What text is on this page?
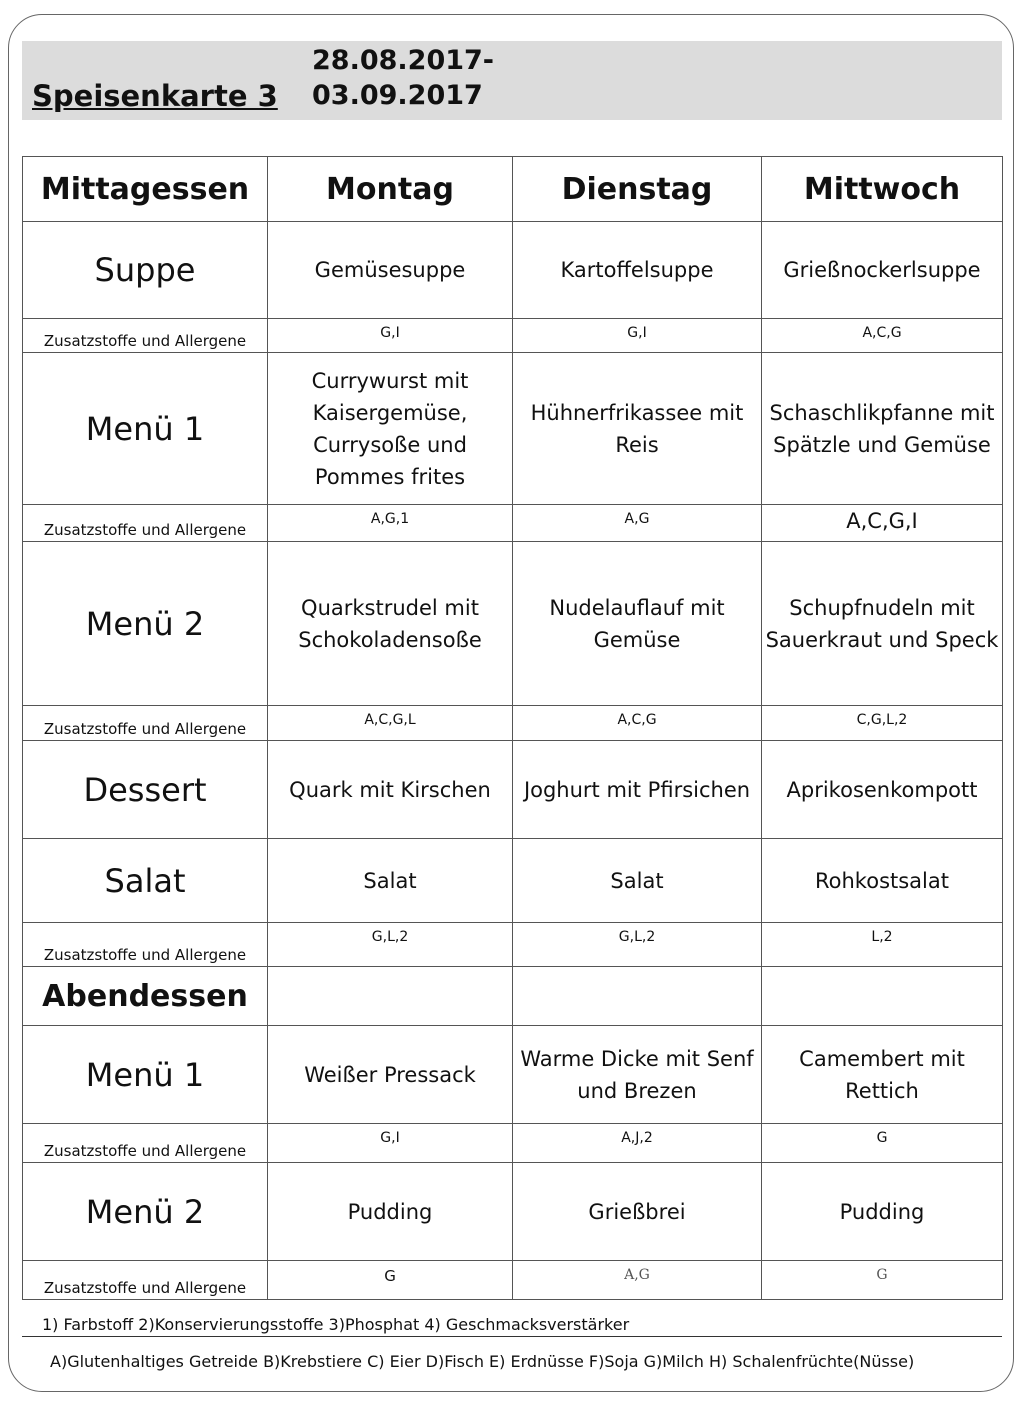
Speisenkarte 3
28.08.2017-
03.09.2017
Mittagessen	Montag	Dienstag	Mittwoch
Suppe	Gemüsesuppe	Kartoffelsuppe	Grießnockerlsuppe
Zusatzstoffe und Allergene	G,I	G,I	A,C,G
Menü 1	Currywurst mit Kaisergemüse, Currysoße und Pommes frites	Hühnerfrikassee mit Reis	Schaschlikpfanne mit Spätzle und Gemüse
Zusatzstoffe und Allergene	A,G,1	A,G	A,C,G,I
Menü 2	Quarkstrudel mit Schokoladensoße	Nudelauflauf mit Gemüse	Schupfnudeln mit Sauerkraut und Speck
Zusatzstoffe und Allergene	A,C,G,L	A,C,G	C,G,L,2
Dessert	Quark mit Kirschen	Joghurt mit Pfirsichen	Aprikosenkompott
Salat	Salat	Salat	Rohkostsalat
Zusatzstoffe und Allergene	G,L,2	G,L,2	L,2
Abendessen			
Menü 1	Weißer Pressack	Warme Dicke mit Senf und Brezen	Camembert mit Rettich
Zusatzstoffe und Allergene	G,I	A,J,2	G
Menü 2	Pudding	Grießbrei	Pudding
Zusatzstoffe und Allergene	G	A,G	G
1) Farbstoff 2)Konservierungsstoffe 3)Phosphat 4) Geschmacksverstärker
A)Glutenhaltiges Getreide B)Krebstiere C) Eier D)Fisch E) Erdnüsse F)Soja G)Milch H) Schalenfrüchte(Nüsse)
